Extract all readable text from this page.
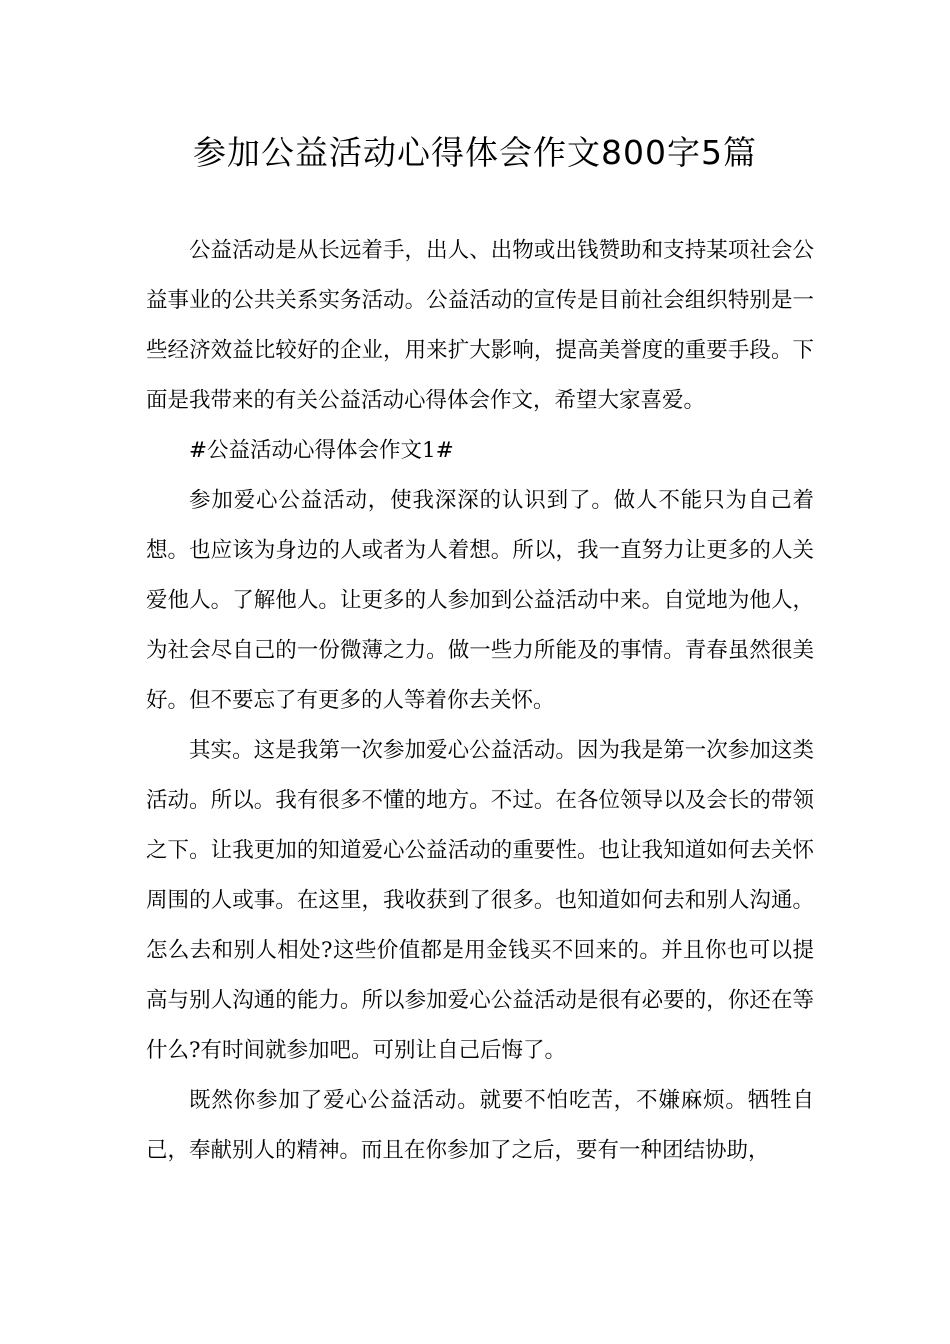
参加公益活动心得体会作文800字5篇

公益活动是从长远着手，出人、出物或出钱赞助和支持某项社会公益事业的公共关系实务活动。公益活动的宣传是目前社会组织特别是一些经济效益比较好的企业，用来扩大影响，提高美誉度的重要手段。下面是我带来的有关公益活动心得体会作文，希望大家喜爱。

#公益活动心得体会作文1#

参加爱心公益活动，使我深深的认识到了。做人不能只为自己着想。也应该为身边的人或者为人着想。所以，我一直努力让更多的人关爱他人。了解他人。让更多的人参加到公益活动中来。自觉地为他人，为社会尽自己的一份微薄之力。做一些力所能及的事情。青春虽然很美好。但不要忘了有更多的人等着你去关怀。

其实。这是我第一次参加爱心公益活动。因为我是第一次参加这类活动。所以。我有很多不懂的地方。不过。在各位领导以及会长的带领之下。让我更加的知道爱心公益活动的重要性。也让我知道如何去关怀周围的人或事。在这里，我收获到了很多。也知道如何去和别人沟通。怎么去和别人相处?这些价值都是用金钱买不回来的。并且你也可以提高与别人沟通的能力。所以参加爱心公益活动是很有必要的，你还在等什么?有时间就参加吧。可别让自己后悔了。

既然你参加了爱心公益活动。就要不怕吃苦，不嫌麻烦。牺牲自己，奉献别人的精神。而且在你参加了之后，要有一种团结协助，
